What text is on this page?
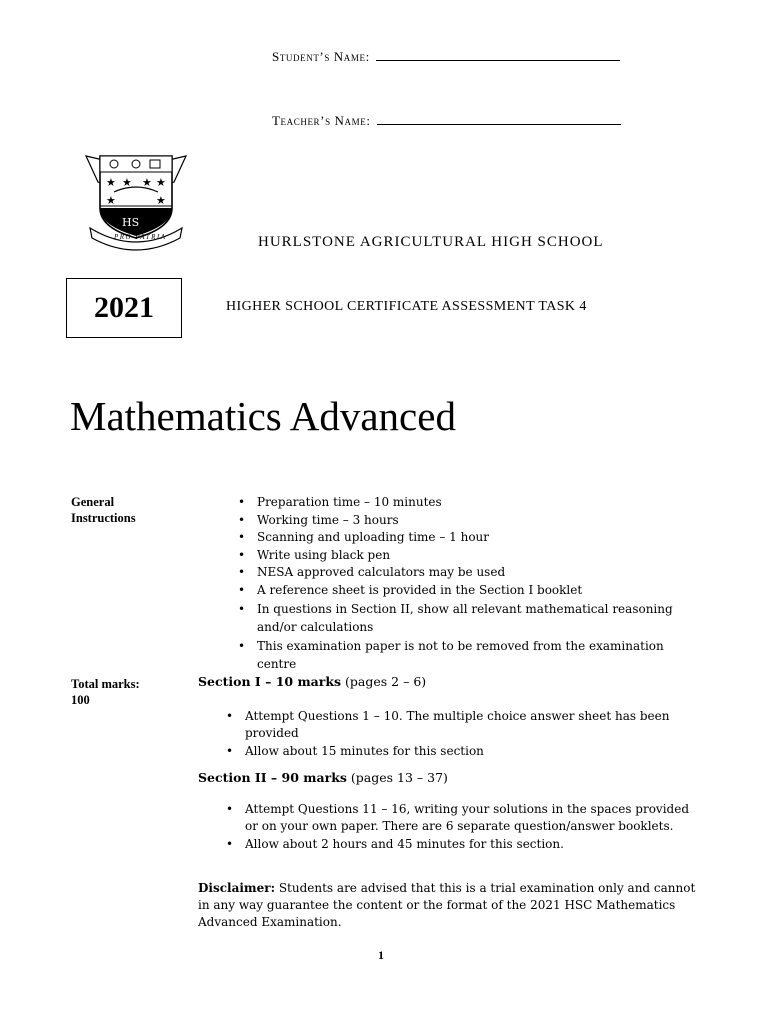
Student’s Name:
Teacher’s Name:
★ ★ ★ ★
★	★
HS
PRO PATRIA	HURLSTONE AGRICULTURAL HIGH SCHOOL
2021	HIGHER SCHOOL CERTIFICATE ASSESSMENT TASK 4
Mathematics Advanced
General
Instructions
• Preparation time – 10 minutes
• Working time – 3 hours
• Scanning and uploading time – 1 hour
• Write using black pen
• NESA approved calculators may be used
• A reference sheet is provided in the Section I booklet
• In questions in Section II, show all relevant mathematical reasoning and/or calculations
• This examination paper is not to be removed from the examination centre
Total marks:
100
Section I – 10 marks (pages 2 – 6)
• Attempt Questions 1 – 10. The multiple choice answer sheet has been provided
• Allow about 15 minutes for this section
Section II – 90 marks (pages 13 – 37)
• Attempt Questions 11 – 16, writing your solutions in the spaces provided or on your own paper. There are 6 separate question/answer booklets.
• Allow about 2 hours and 45 minutes for this section.
Disclaimer: Students are advised that this is a trial examination only and cannot in any way guarantee the content or the format of the 2021 HSC Mathematics Advanced Examination.
1
